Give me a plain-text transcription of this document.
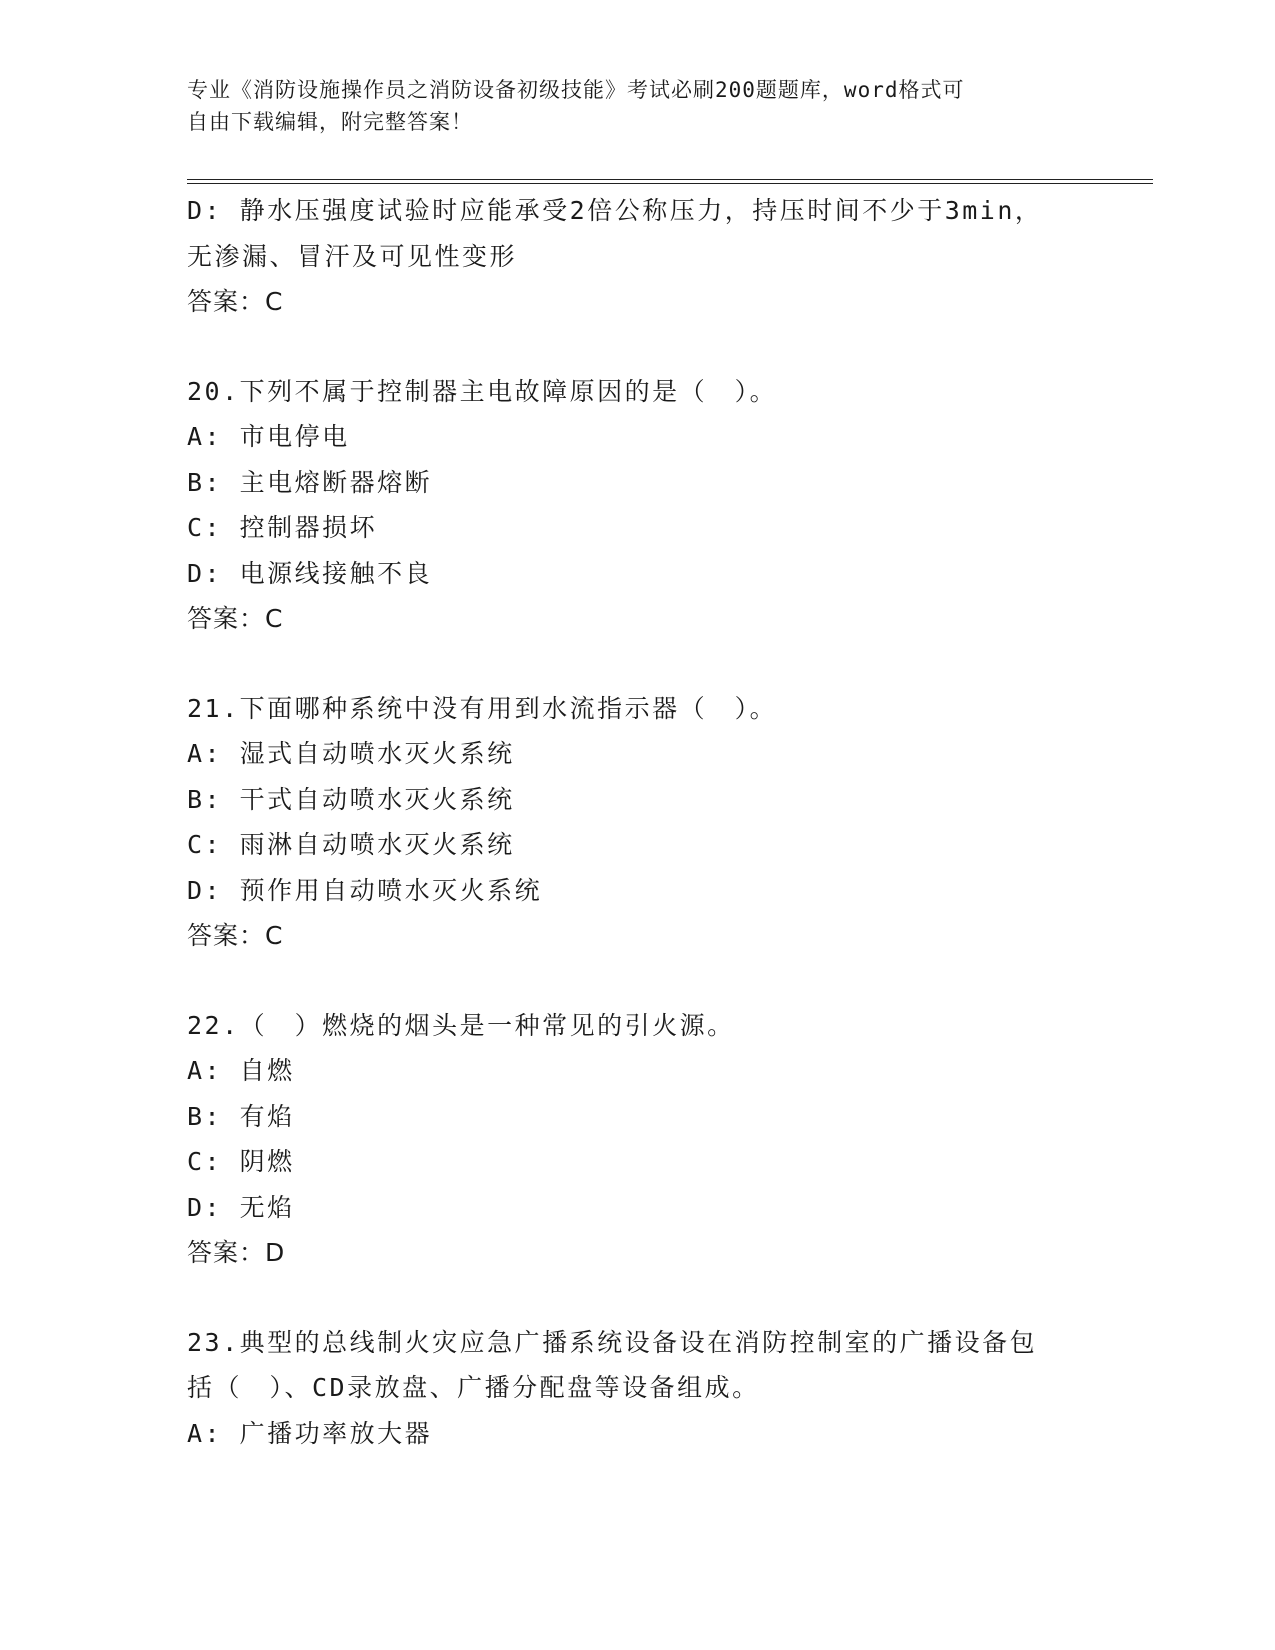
专业《消防设施操作员之消防设备初级技能》考试必刷200题题库，word格式可
自由下载编辑，附完整答案！
D: 静水压强度试验时应能承受2倍公称压力，持压时间不少于3min，
无渗漏、冒汗及可见性变形
答案：C
20.下列不属于控制器主电故障原因的是（　）。
A: 市电停电
B: 主电熔断器熔断
C: 控制器损坏
D: 电源线接触不良
答案：C
21.下面哪种系统中没有用到水流指示器（　）。
A: 湿式自动喷水灭火系统
B: 干式自动喷水灭火系统
C: 雨淋自动喷水灭火系统
D: 预作用自动喷水灭火系统
答案：C
22.（　）燃烧的烟头是一种常见的引火源。
A: 自燃
B: 有焰
C: 阴燃
D: 无焰
答案：D
23.典型的总线制火灾应急广播系统设备设在消防控制室的广播设备包
括（　）、CD录放盘、广播分配盘等设备组成。
A: 广播功率放大器
